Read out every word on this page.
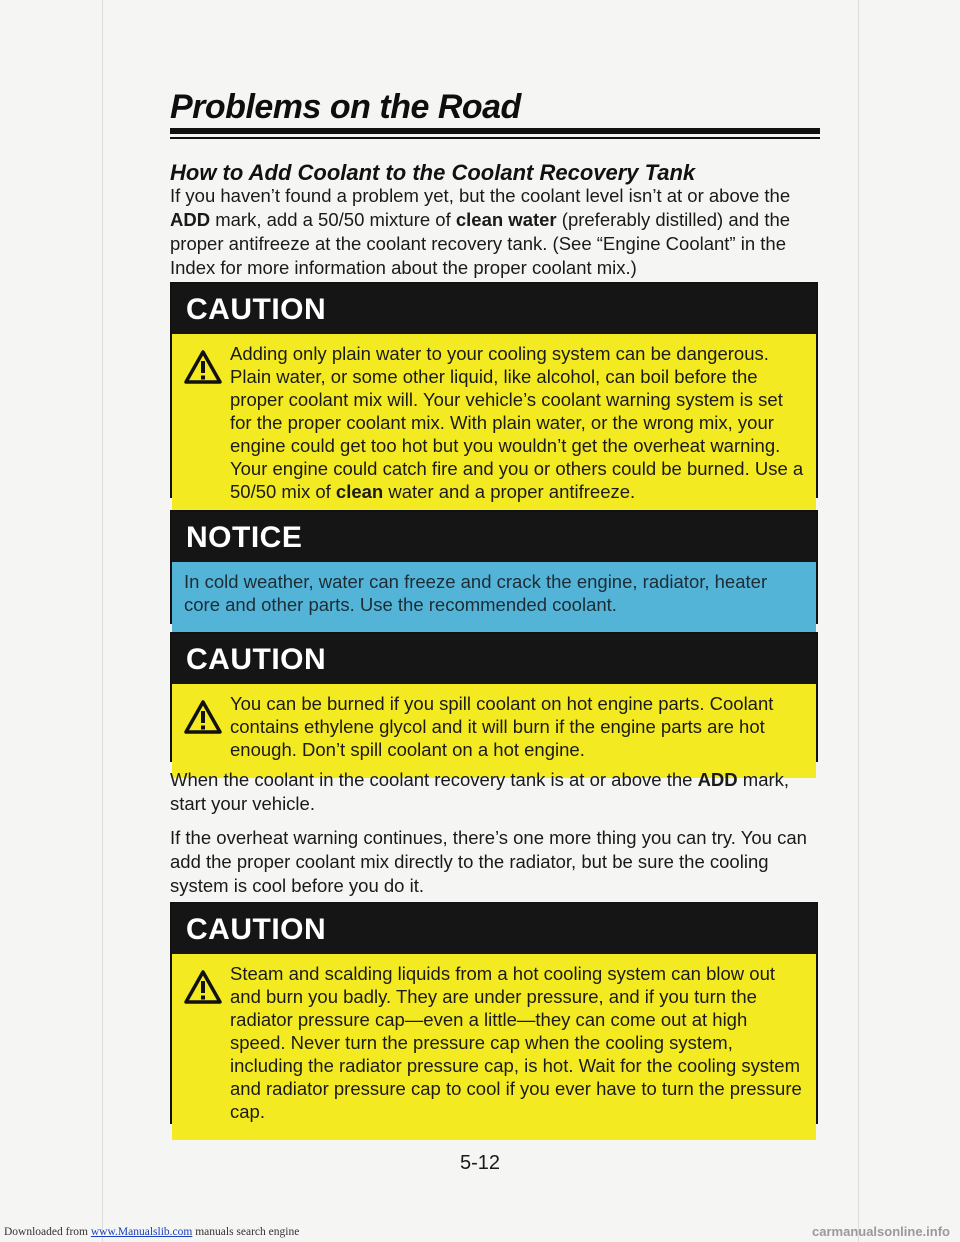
Problems on the Road
How to Add Coolant to the Coolant Recovery Tank
If you haven’t found a problem yet, but the coolant level isn’t at or above the ADD mark, add a 50/50 mixture of clean water (preferably distilled) and the proper antifreeze at the coolant recovery tank. (See “Engine Coolant” in the Index for more information about the proper coolant mix.)
CAUTION
Adding only plain water to your cooling system can be dangerous. Plain water, or some other liquid, like alcohol, can boil before the proper coolant mix will. Your vehicle’s coolant warning system is set for the proper coolant mix. With plain water, or the wrong mix, your engine could get too hot but you wouldn’t get the overheat warning. Your engine could catch fire and you or others could be burned. Use a 50/50 mix of clean water and a proper antifreeze.
NOTICE
In cold weather, water can freeze and crack the engine, radiator, heater core and other parts. Use the recommended coolant.
CAUTION
You can be burned if you spill coolant on hot engine parts. Coolant contains ethylene glycol and it will burn if the engine parts are hot enough. Don’t spill coolant on a hot engine.
When the coolant in the coolant recovery tank is at or above the ADD mark, start your vehicle.
If the overheat warning continues, there’s one more thing you can try. You can add the proper coolant mix directly to the radiator, but be sure the cooling system is cool before you do it.
CAUTION
Steam and scalding liquids from a hot cooling system can blow out and burn you badly. They are under pressure, and if you turn the radiator pressure cap—even a little—they can come out at high speed. Never turn the pressure cap when the cooling system, including the radiator pressure cap, is hot. Wait for the cooling system and radiator pressure cap to cool if you ever have to turn the pressure cap.
5-12
Downloaded from www.Manualslib.com manuals search engine	carmanualsonline.info
